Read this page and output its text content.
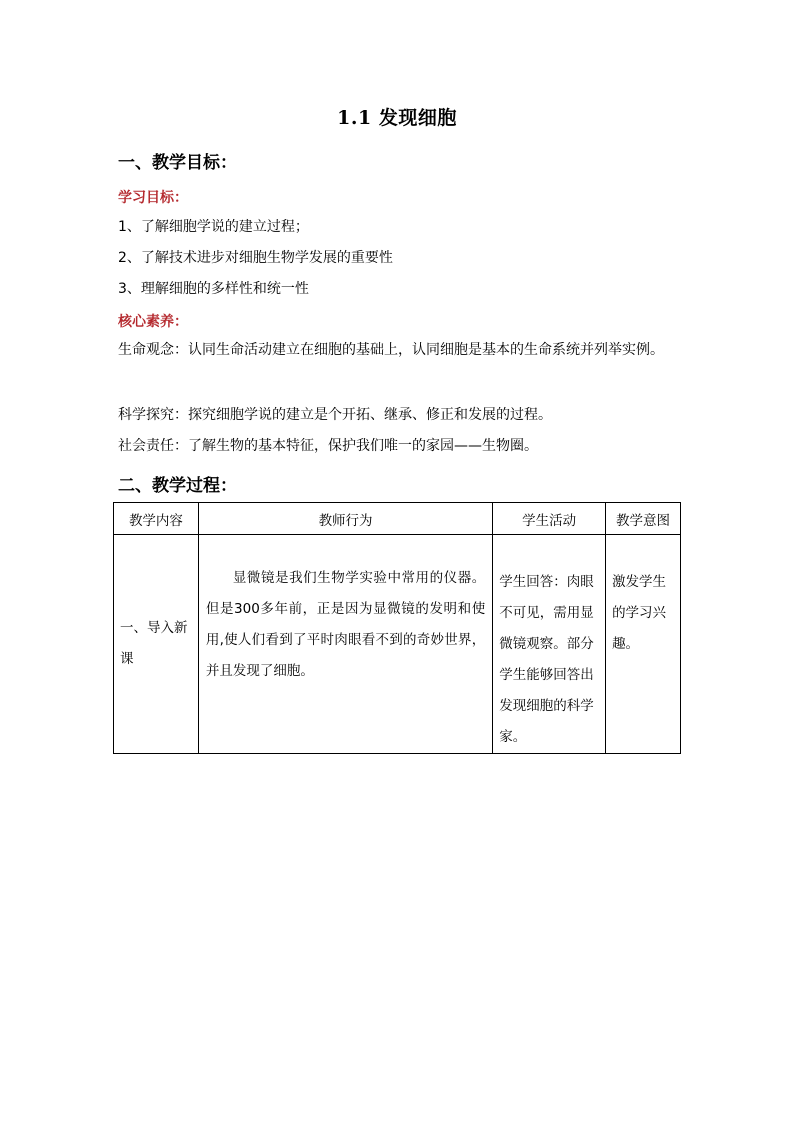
1.1 发现细胞
一、教学目标：
学习目标：
1、了解细胞学说的建立过程；
2、了解技术进步对细胞生物学发展的重要性
3、理解细胞的多样性和统一性
核心素养：
生命观念：认同生命活动建立在细胞的基础上，认同细胞是基本的生命系统并列举实例。
科学探究：探究细胞学说的建立是个开拓、继承、修正和发展的过程。
社会责任：了解生物的基本特征，保护我们唯一的家园——生物圈。
二、教学过程：
教学内容	教师行为	学生活动	教学意图

一、导入新课	显微镜是我们生物学实验中常用的仪器。但是300多年前，正是因为显微镜的发明和使用,使人们看到了平时肉眼看不到的奇妙世界，并且发现了细胞。	学生回答：肉眼不可见，需用显微镜观察。部分学生能够回答出发现细胞的科学家。	激发学生的学习兴趣。
